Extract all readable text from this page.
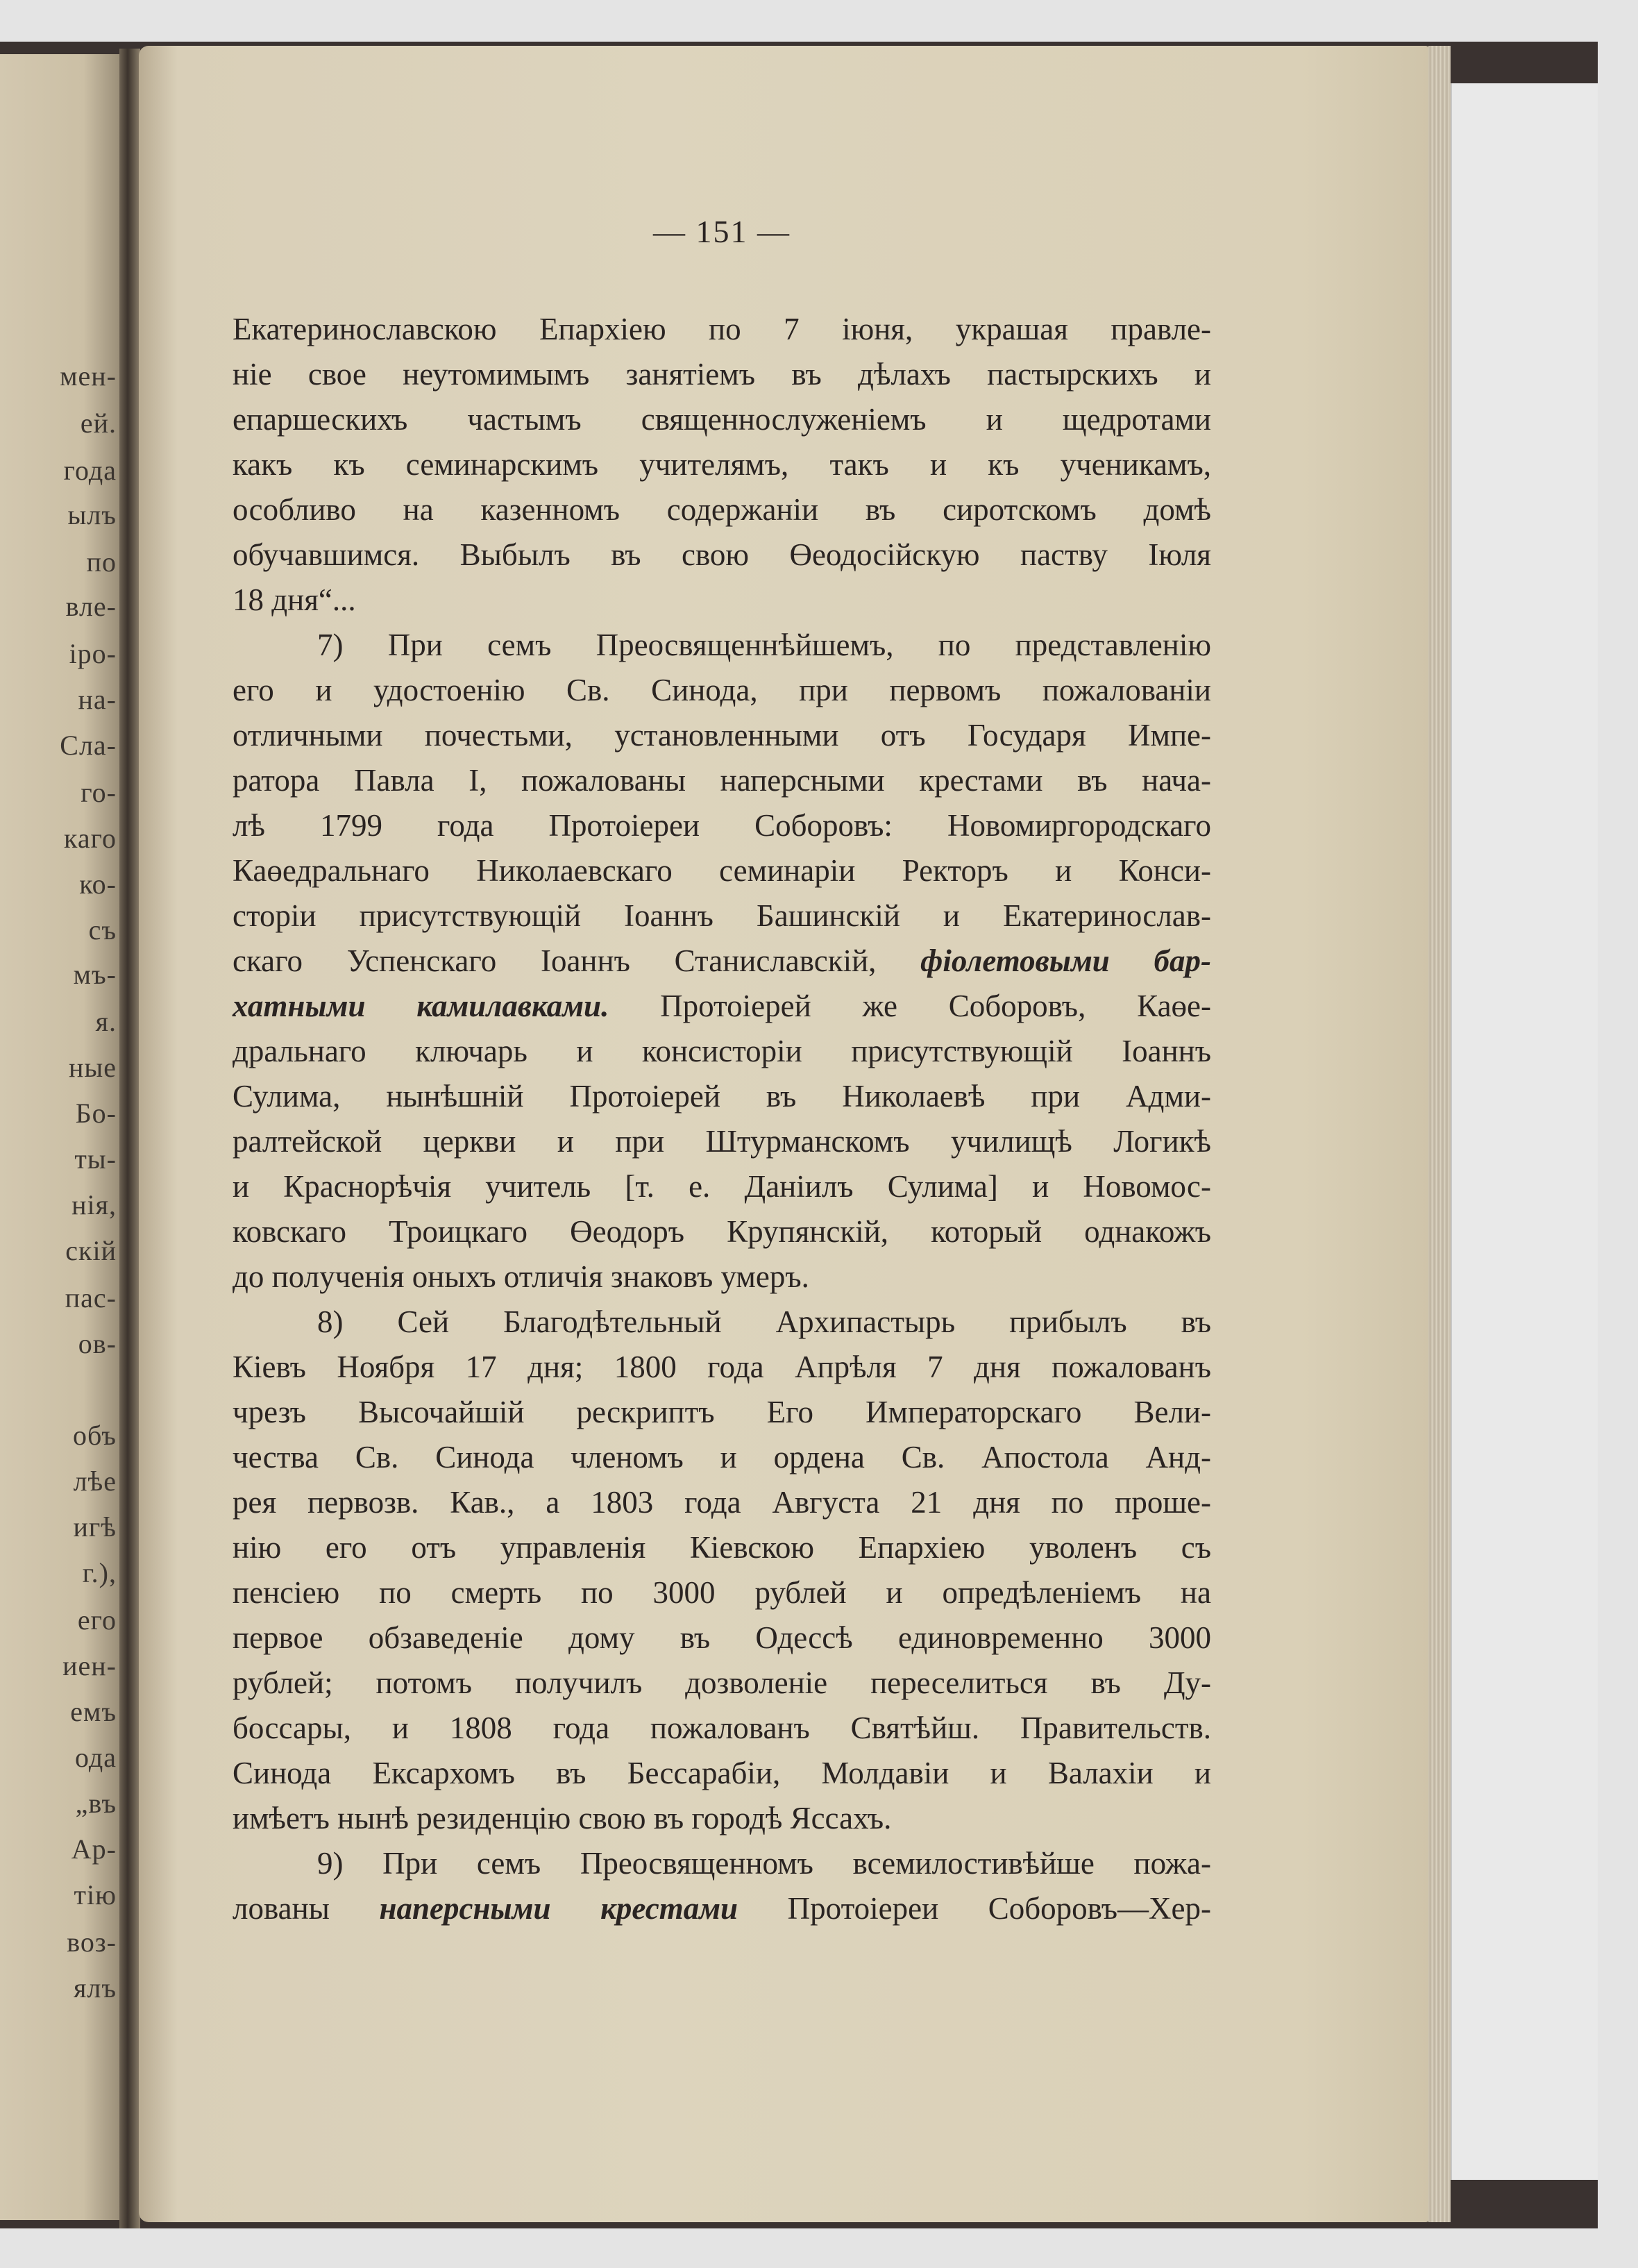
мен-
ей.
года
ылъ
по
вле-
іро-
на-
Сла-
го-
каго
ко-
съ
мъ-
я.
ные
Бо-
ты-
нія,
скій
пас-
ов-
объ
лѣе
игѣ
г.),
его
иен-
емъ
ода
„въ
Ар-
тію
воз-
ялъ
— 151 —
Екатеринославскою Епархіею по 7 іюня, украшая правле-
ніе свое неутомимымъ занятіемъ въ дѣлахъ пастырскихъ и
епаршескихъ частымъ священнослуженіемъ и щедротами
какъ къ семинарскимъ учителямъ, такъ и къ ученикамъ,
особливо на казенномъ содержаніи въ сиротскомъ домѣ
обучавшимся. Выбылъ въ свою Өеодосійскую паству Іюля
18 дня“...
7) При семъ Преосвященнѣйшемъ, по представленію
его и удостоенію Св. Синода, при первомъ пожалованіи
отличными почестьми, установленными отъ Государя Импе-
ратора Павла I, пожалованы наперсными крестами въ нача-
лѣ 1799 года Протоіереи Соборовъ: Новомиргородскаго
Каөедральнаго Николаевскаго семинаріи Ректоръ и Конси-
сторіи присутствующій Іоаннъ Башинскій и Екатеринослав-
скаго Успенскаго Іоаннъ Станиславскій, фіолетовыми бар-
хатными камилавками. Протоіерей же Соборовъ, Каөе-
дральнаго ключарь и консисторіи присутствующій Іоаннъ
Сулима, нынѣшній Протоіерей въ Николаевѣ при Адми-
ралтейской церкви и при Штурманскомъ училищѣ Логикѣ
и Краснорѣчія учитель [т. е. Даніилъ Сулима] и Новомос-
ковскаго Троицкаго Өеодоръ Крупянскій, который однакожъ
до полученія оныхъ отличія знаковъ умеръ.
8) Сей Благодѣтельный Архипастырь прибылъ въ
Кіевъ Ноября 17 дня; 1800 года Апрѣля 7 дня пожалованъ
чрезъ Высочайшій рескриптъ Его Императорскаго Вели-
чества Св. Синода членомъ и ордена Св. Апостола Анд-
рея первозв. Кав., а 1803 года Августа 21 дня по проше-
нію его отъ управленія Кіевскою Епархіею уволенъ съ
пенсіею по смерть по 3000 рублей и опредѣленіемъ на
первое обзаведеніе дому въ Одессѣ единовременно 3000
рублей; потомъ получилъ дозволеніе переселиться въ Ду-
боссары, и 1808 года пожалованъ Святѣйш. Правительств.
Синода Ексархомъ въ Бессарабіи, Молдавіи и Валахіи и
имѣетъ нынѣ резиденцію свою въ городѣ Яссахъ.
9) При семъ Преосвященномъ всемилостивѣйше пожа-
лованы наперсными крестами Протоіереи Соборовъ—Хер-
